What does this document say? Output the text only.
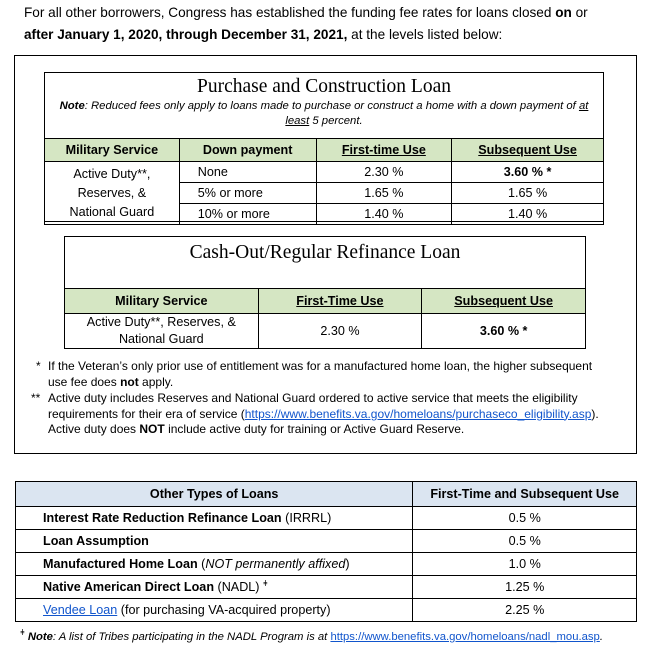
For all other borrowers, Congress has established the funding fee rates for loans closed on or
after January 1, 2020, through December 31, 2021, at the levels listed below:
Purchase and Construction Loan
Note: Reduced fees only apply to loans made to purchase or construct a home with a down payment of at least 5 percent.
Military Service	Down payment	First-time Use	Subsequent Use

Active Duty**,
Reserves, &
National Guard	None	2.30 %	3.60 % *
	5% or more	1.65 %	1.65 %
	10% or more	1.40 %	1.40 %
Cash-Out/Regular Refinance Loan
Military Service	First-Time Use	Subsequent Use

Active Duty**, Reserves, &
National Guard	2.30 %	3.60 % *
* If the Veteran’s only prior use of entitlement was for a manufactured home loan, the higher subsequent
use fee does not apply.
** Active duty includes Reserves and National Guard ordered to active service that meets the eligibility
requirements for their era of service (https://www.benefits.va.gov/homeloans/purchaseco_eligibility.asp).
Active duty does NOT include active duty for training or Active Guard Reserve.
Other Types of Loans	First-Time and Subsequent Use
Interest Rate Reduction Refinance Loan (IRRRL)	0.5 %
Loan Assumption	0.5 %
Manufactured Home Loan (NOT permanently affixed)	1.0 %
Native American Direct Loan (NADL) $^ǂ$	1.25 %
Vendee Loan (for purchasing VA-acquired property)	2.25 %
$^ǂ$ Note: A list of Tribes participating in the NADL Program is at https://www.benefits.va.gov/homeloans/nadl_mou.asp.
